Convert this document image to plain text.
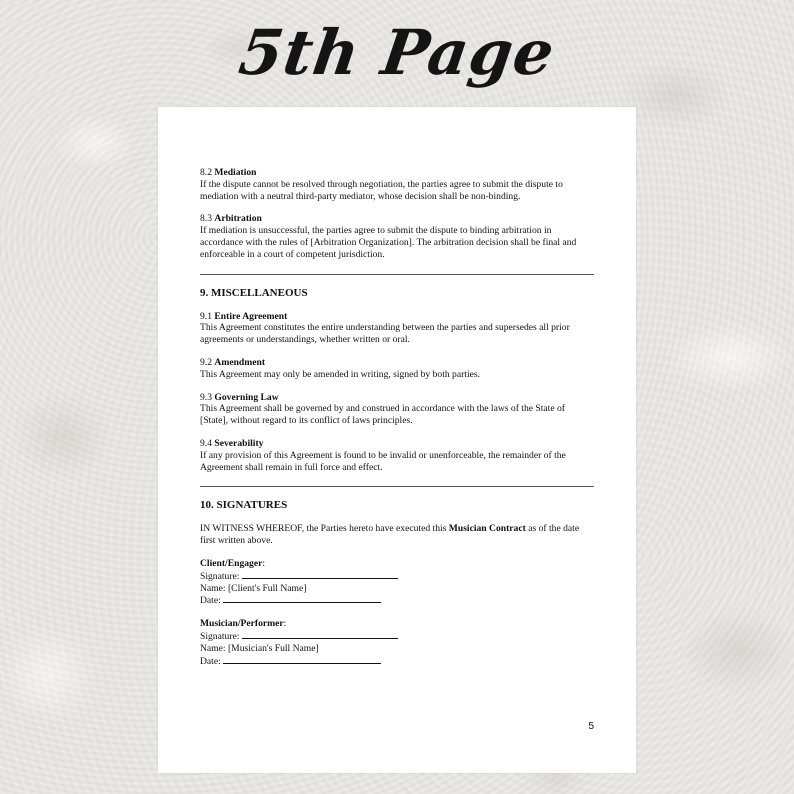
5th Page

8.2 Mediation

If the dispute cannot be resolved through negotiation, the parties agree to submit the dispute to mediation with a neutral third-party mediator, whose decision shall be non-binding.

8.3 Arbitration

If mediation is unsuccessful, the parties agree to submit the dispute to binding arbitration in accordance with the rules of [Arbitration Organization]. The arbitration decision shall be final and enforceable in a court of competent jurisdiction.

9. MISCELLANEOUS

9.1 Entire Agreement

This Agreement constitutes the entire understanding between the parties and supersedes all prior agreements or understandings, whether written or oral.

9.2 Amendment

This Agreement may only be amended in writing, signed by both parties.

9.3 Governing Law

This Agreement shall be governed by and construed in accordance with the laws of the State of [State], without regard to its conflict of laws principles.

9.4 Severability

If any provision of this Agreement is found to be invalid or unenforceable, the remainder of the Agreement shall remain in full force and effect.

10. SIGNATURES

IN WITNESS WHEREOF, the Parties hereto have executed this Musician Contract as of the date first written above.

Client/Engager:

Signature:

Name: [Client's Full Name]

Date:

Musician/Performer:

Signature:

Name: [Musician's Full Name]

Date:

5
